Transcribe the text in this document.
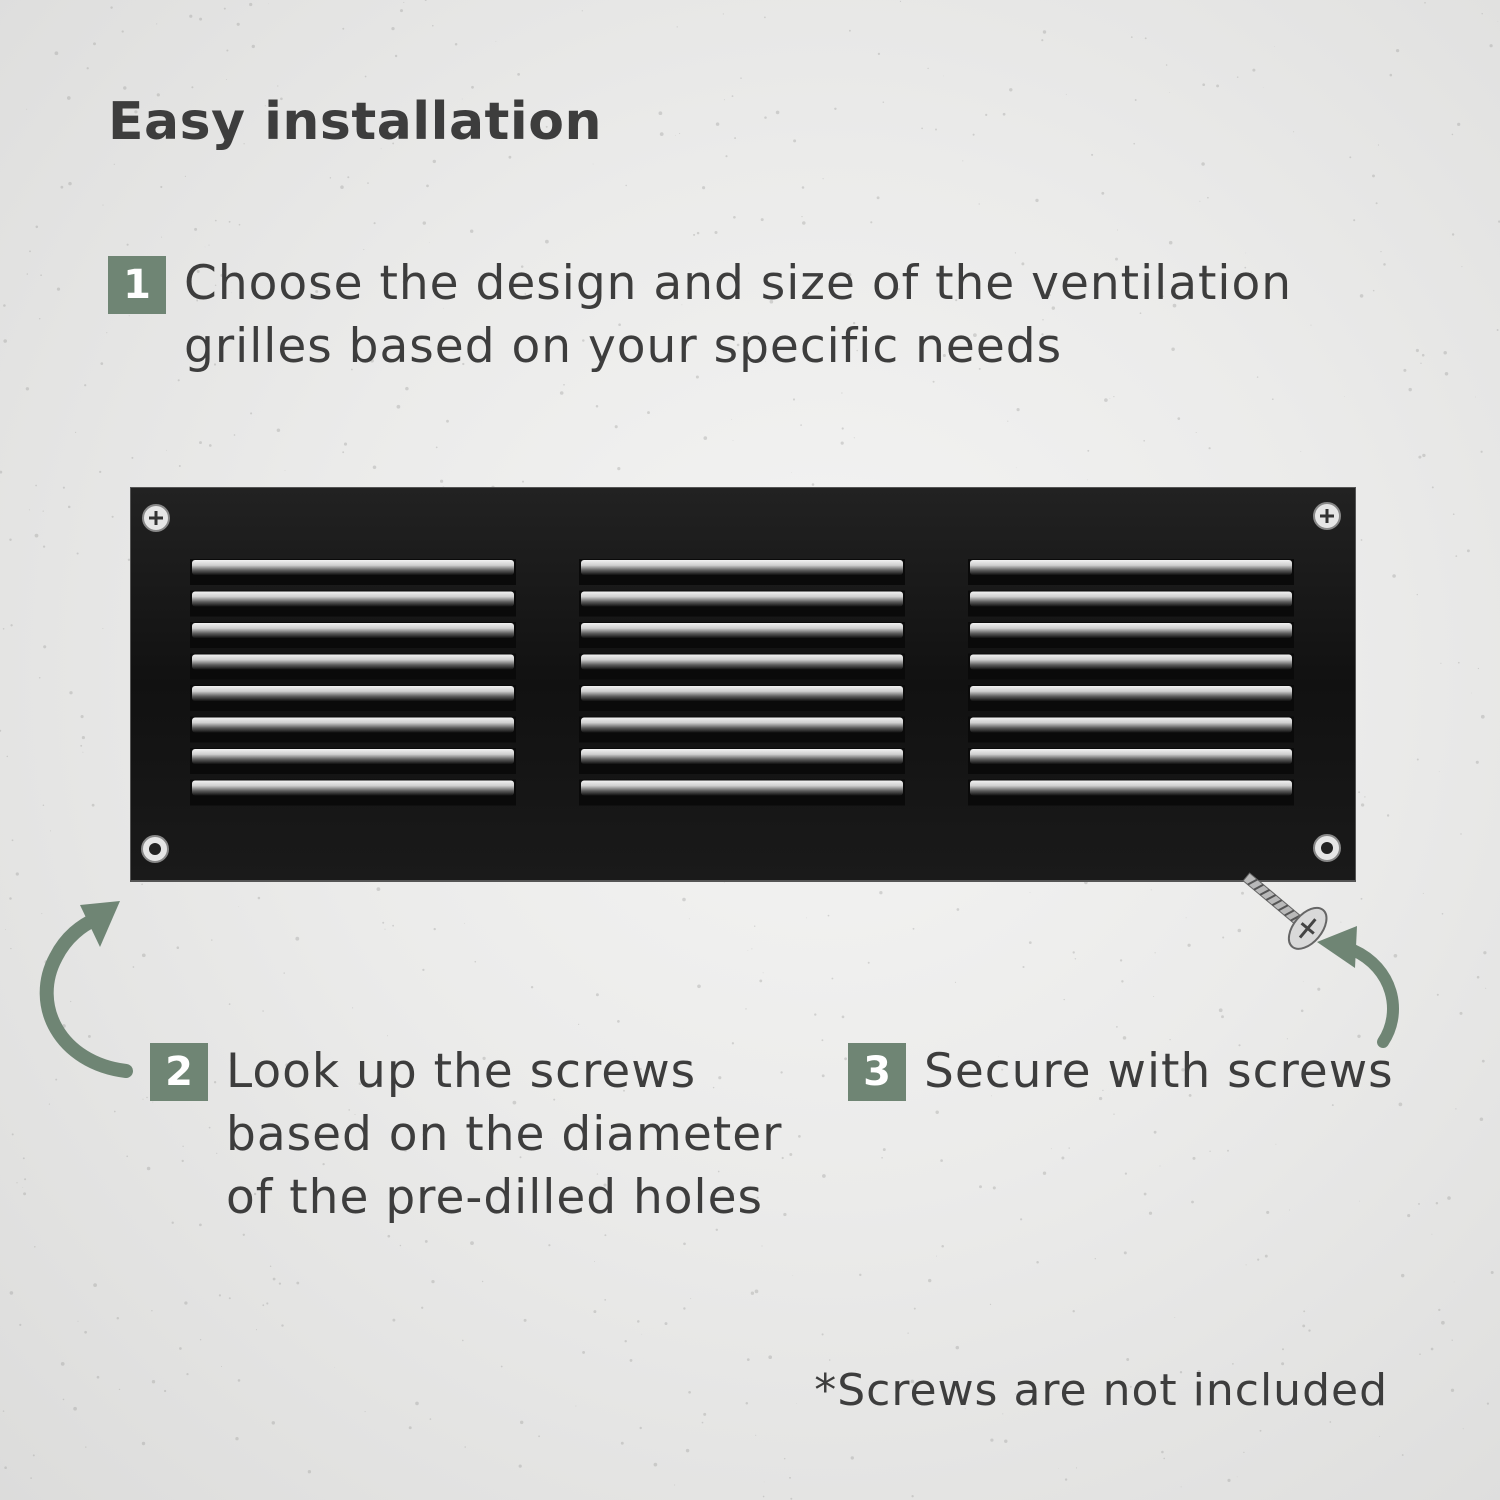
Easy installation
1 Choose the design and size of the ventilation
grilles based on your specific needs
2 Look up the screws
based on the diameter
of the pre-dilled holes
3 Secure with screws
*Screws are not included
